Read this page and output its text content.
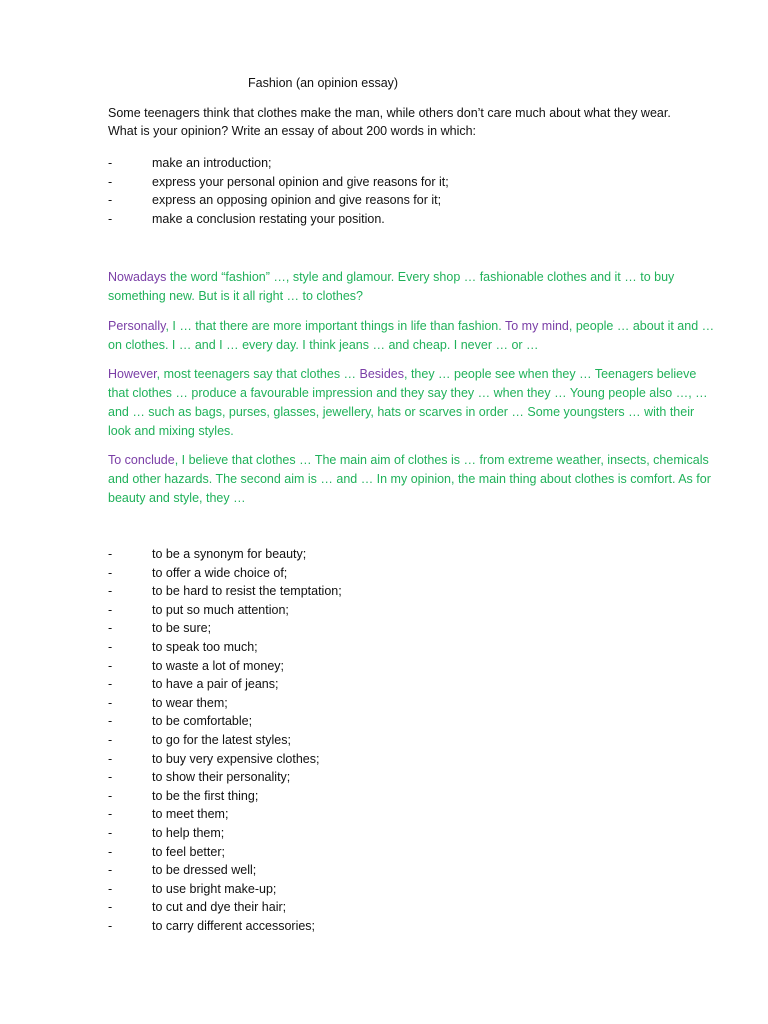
Fashion (an opinion essay)
Some teenagers think that clothes make the man, while others don’t care much about what they wear.
What is your opinion? Write an essay of about 200 words in which:
-	make an introduction;
-	express your personal opinion and give reasons for it;
-	express an opposing opinion and give reasons for it;
-	make a conclusion restating your position.
Nowadays the word “fashion” …, style and glamour. Every shop … fashionable clothes and it … to buy something new. But is it all right … to clothes?
Personally, I … that there are more important things in life than fashion. To my mind, people … about it and … on clothes. I … and I … every day. I think jeans … and cheap. I never … or …
However, most teenagers say that clothes … Besides, they … people see when they … Teenagers believe that clothes … produce a favourable impression and they say they … when they … Young people also …, … and … such as bags, purses, glasses, jewellery, hats or scarves in order … Some youngsters … with their look and mixing styles.
To conclude, I believe that clothes … The main aim of clothes is … from extreme weather, insects, chemicals and other hazards. The second aim is … and … In my opinion, the main thing about clothes is comfort. As for beauty and style, they …
-	to be a synonym for beauty;
-	to offer a wide choice of;
-	to be hard to resist the temptation;
-	to put so much attention;
-	to be sure;
-	to speak too much;
-	to waste a lot of money;
-	to have a pair of jeans;
-	to wear them;
-	to be comfortable;
-	to go for the latest styles;
-	to buy very expensive clothes;
-	to show their personality;
-	to be the first thing;
-	to meet them;
-	to help them;
-	to feel better;
-	to be dressed well;
-	to use bright make-up;
-	to cut and dye their hair;
-	to carry different accessories;
